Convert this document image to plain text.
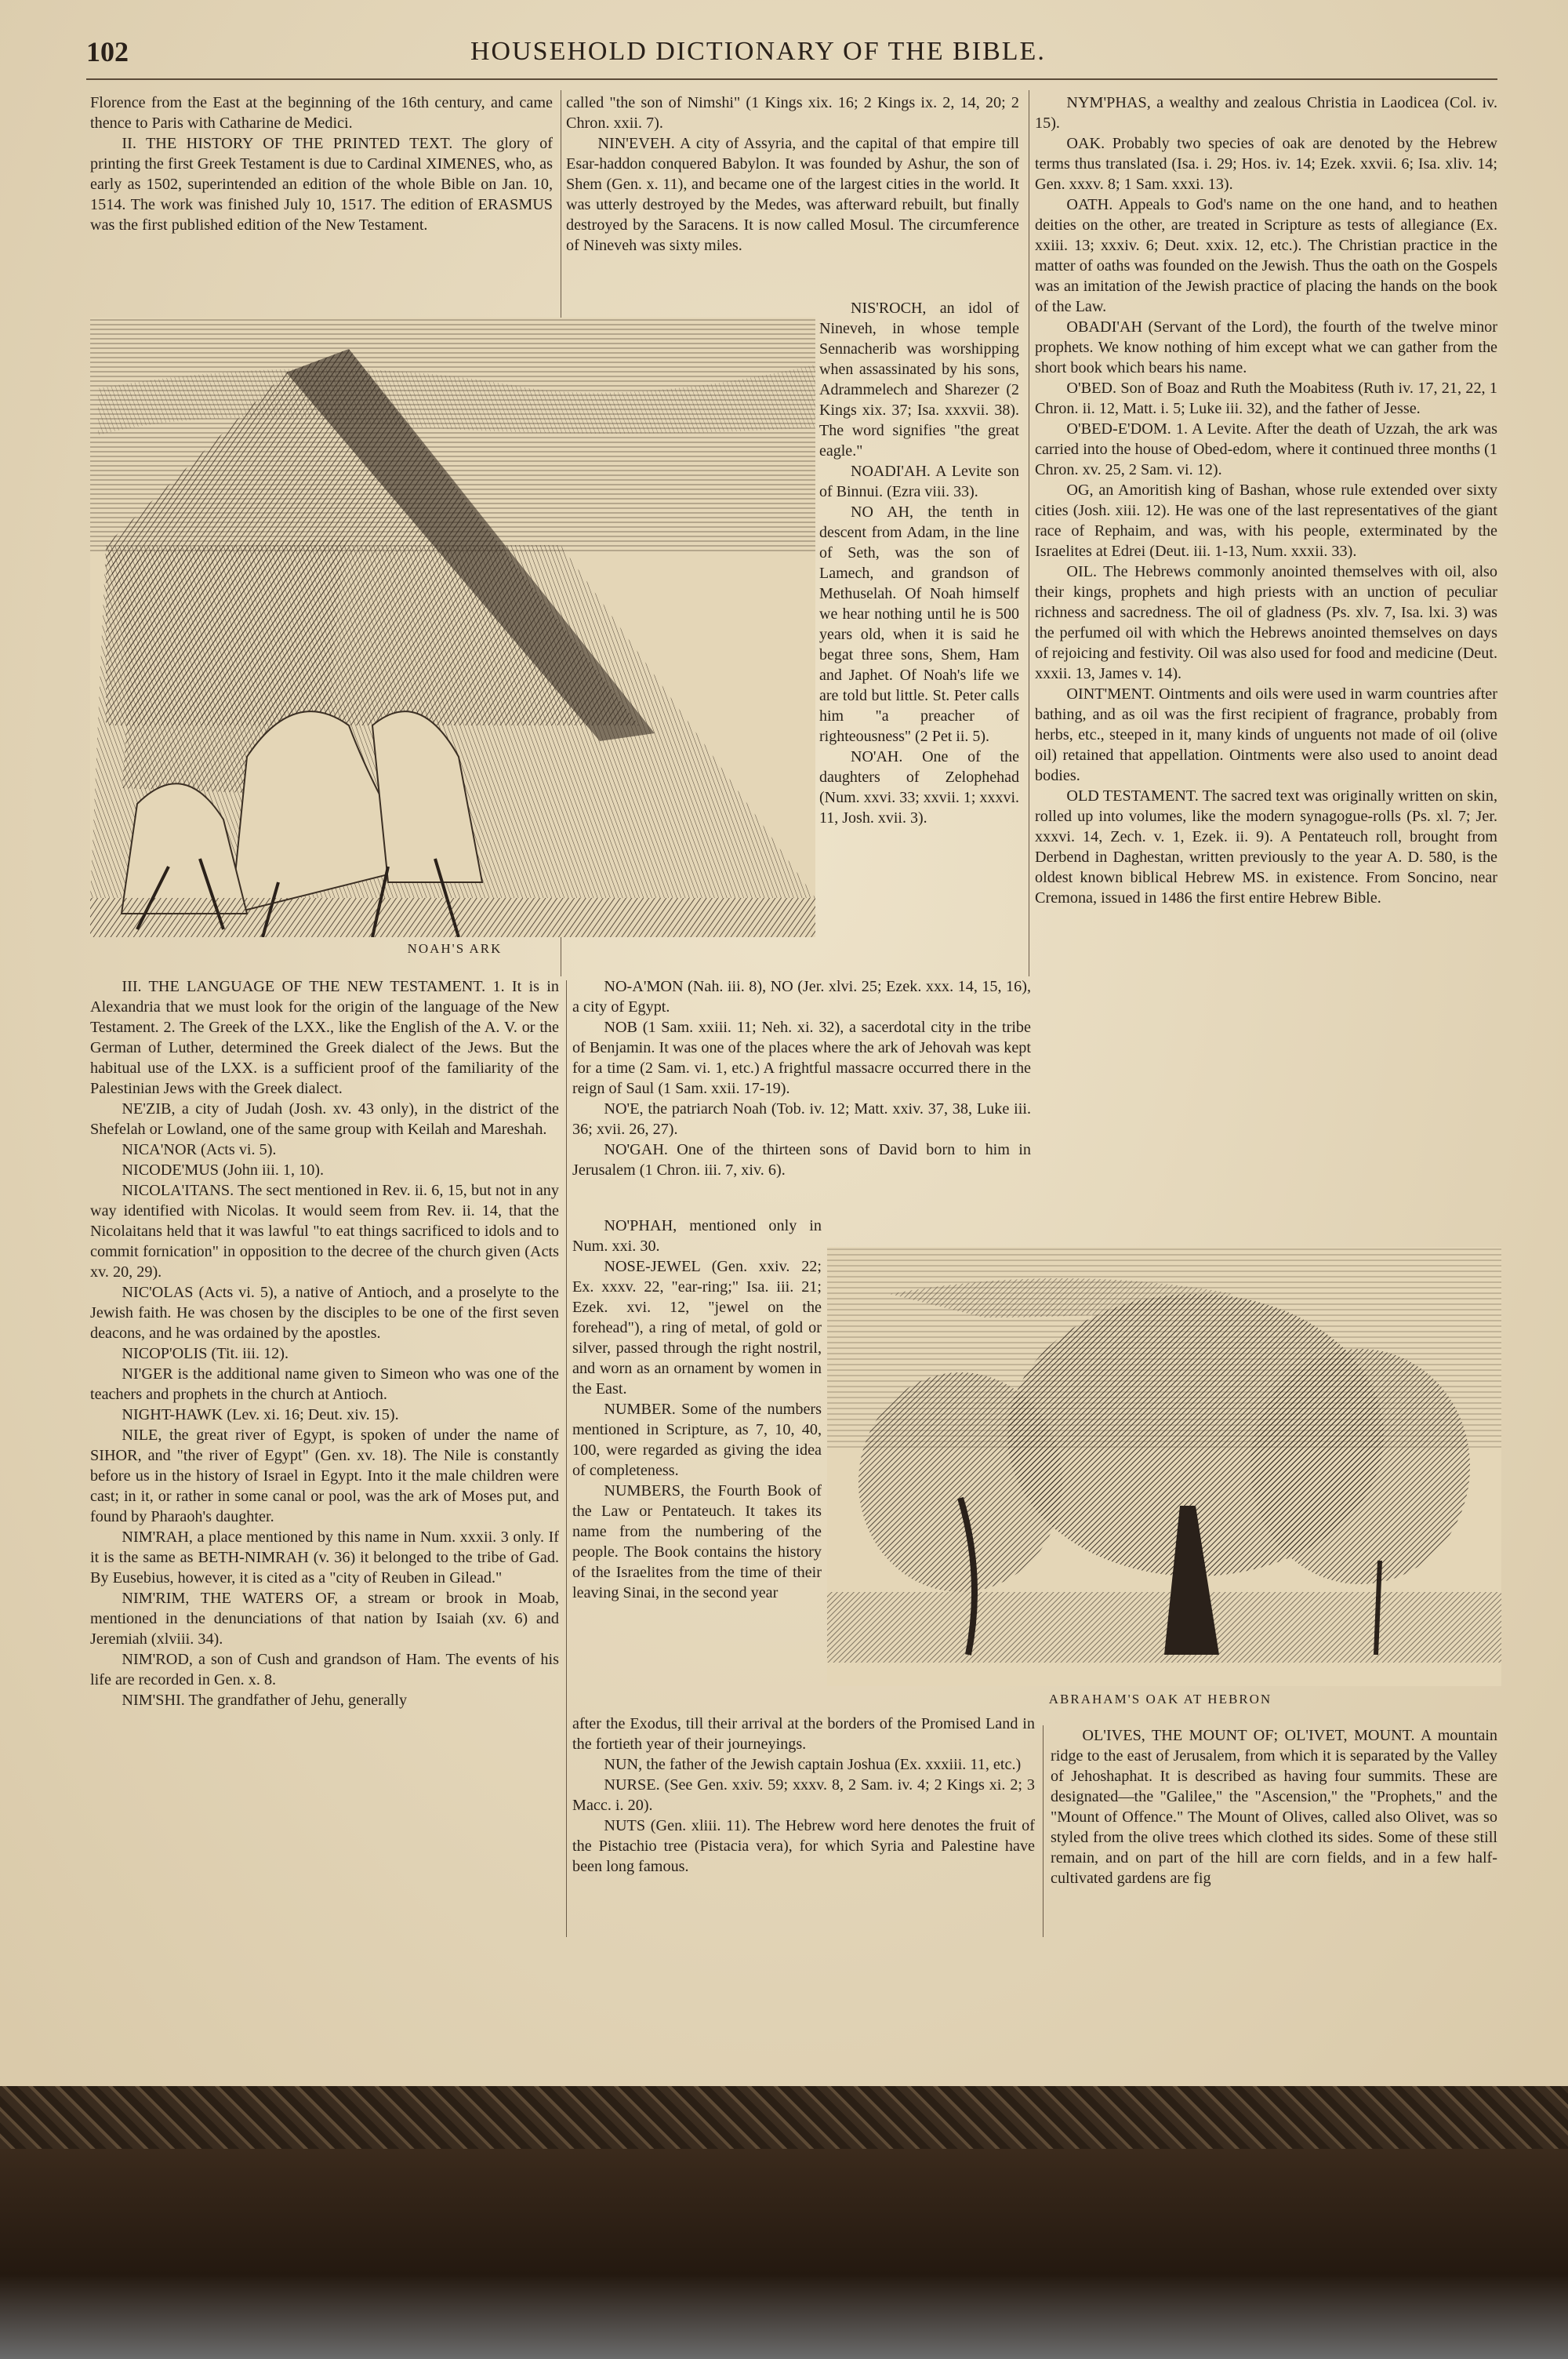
102	HOUSEHOLD DICTIONARY OF THE BIBLE.

Florence from the East at the beginning of the 16th century, and came thence to Paris with Catharine de Medici.

II. THE HISTORY OF THE PRINTED TEXT. The glory of printing the first Greek Testament is due to Cardinal XIMENES, who, as early as 1502, superintended an edition of the whole Bible on Jan. 10, 1514. The work was finished July 10, 1517. The edition of ERASMUS was the first published edition of the New Testament.

called "the son of Nimshi" (1 Kings xix. 16; 2 Kings ix. 2, 14, 20; 2 Chron. xxii. 7).

NIN'EVEH. A city of Assyria, and the capital of that empire till Esar-haddon conquered Babylon. It was founded by Ashur, the son of Shem (Gen. x. 11), and became one of the largest cities in the world. It was utterly destroyed by the Medes, was afterward rebuilt, but finally destroyed by the Saracens. It is now called Mosul. The circumference of Nineveh was sixty miles.

NIS'ROCH, an idol of Nineveh, in whose temple Sennacherib was worshipping when assassinated by his sons, Adrammelech and Sharezer (2 Kings xix. 37; Isa. xxxvii. 38). The word signifies "the great eagle."

NOADI'AH. A Levite son of Binnui. (Ezra viii. 33).

NO AH, the tenth in descent from Adam, in the line of Seth, was the son of Lamech, and grandson of Methuselah. Of Noah himself we hear nothing until he is 500 years old, when it is said he begat three sons, Shem, Ham and Japhet. Of Noah's life we are told but little. St. Peter calls him "a preacher of righteousness" (2 Pet ii. 5).

NO'AH. One of the daughters of Zelophehad (Num. xxvi. 33; xxvii. 1; xxxvi. 11, Josh. xvii. 3).

NOAH'S ARK

III. THE LANGUAGE OF THE NEW TESTAMENT. 1. It is in Alexandria that we must look for the origin of the language of the New Testament. 2. The Greek of the LXX., like the English of the A. V. or the German of Luther, determined the Greek dialect of the Jews. But the habitual use of the LXX. is a sufficient proof of the familiarity of the Palestinian Jews with the Greek dialect.

NE'ZIB, a city of Judah (Josh. xv. 43 only), in the district of the Shefelah or Lowland, one of the same group with Keilah and Mareshah.

NICA'NOR (Acts vi. 5).

NICODE'MUS (John iii. 1, 10).

NICOLA'ITANS. The sect mentioned in Rev. ii. 6, 15, but not in any way identified with Nicolas. It would seem from Rev. ii. 14, that the Nicolaitans held that it was lawful "to eat things sacrificed to idols and to commit fornication" in opposition to the decree of the church given (Acts xv. 20, 29).

NIC'OLAS (Acts vi. 5), a native of Antioch, and a proselyte to the Jewish faith. He was chosen by the disciples to be one of the first seven deacons, and he was ordained by the apostles.

NICOP'OLIS (Tit. iii. 12).

NI'GER is the additional name given to Simeon who was one of the teachers and prophets in the church at Antioch.

NIGHT-HAWK (Lev. xi. 16; Deut. xiv. 15).

NILE, the great river of Egypt, is spoken of under the name of SIHOR, and "the river of Egypt" (Gen. xv. 18). The Nile is constantly before us in the history of Israel in Egypt. Into it the male children were cast; in it, or rather in some canal or pool, was the ark of Moses put, and found by Pharaoh's daughter.

NIM'RAH, a place mentioned by this name in Num. xxxii. 3 only. If it is the same as BETH-NIMRAH (v. 36) it belonged to the tribe of Gad. By Eusebius, however, it is cited as a "city of Reuben in Gilead."

NIM'RIM, THE WATERS OF, a stream or brook in Moab, mentioned in the denunciations of that nation by Isaiah (xv. 6) and Jeremiah (xlviii. 34).

NIM'ROD, a son of Cush and grandson of Ham. The events of his life are recorded in Gen. x. 8.

NIM'SHI. The grandfather of Jehu, generally

NO-A'MON (Nah. iii. 8), NO (Jer. xlvi. 25; Ezek. xxx. 14, 15, 16), a city of Egypt.

NOB (1 Sam. xxiii. 11; Neh. xi. 32), a sacerdotal city in the tribe of Benjamin. It was one of the places where the ark of Jehovah was kept for a time (2 Sam. vi. 1, etc.) A frightful massacre occurred there in the reign of Saul (1 Sam. xxii. 17-19).

NO'E, the patriarch Noah (Tob. iv. 12; Matt. xxiv. 37, 38, Luke iii. 36; xvii. 26, 27).

NO'GAH. One of the thirteen sons of David born to him in Jerusalem (1 Chron. iii. 7, xiv. 6).

NO'PHAH, mentioned only in Num. xxi. 30.

NOSE-JEWEL (Gen. xxiv. 22; Ex. xxxv. 22, "ear-ring;" Isa. iii. 21; Ezek. xvi. 12, "jewel on the forehead"), a ring of metal, of gold or silver, passed through the right nostril, and worn as an ornament by women in the East.

NUMBER. Some of the numbers mentioned in Scripture, as 7, 10, 40, 100, were regarded as giving the idea of completeness.

NUMBERS, the Fourth Book of the Law or Pentateuch. It takes its name from the numbering of the people. The Book contains the history of the Israelites from the time of their leaving Sinai, in the second year

after the Exodus, till their arrival at the borders of the Promised Land in the fortieth year of their journeyings.

NUN, the father of the Jewish captain Joshua (Ex. xxxiii. 11, etc.)

NURSE. (See Gen. xxiv. 59; xxxv. 8, 2 Sam. iv. 4; 2 Kings xi. 2; 3 Macc. i. 20).

NUTS (Gen. xliii. 11). The Hebrew word here denotes the fruit of the Pistachio tree (Pistacia vera), for which Syria and Palestine have been long famous.

NYM'PHAS, a wealthy and zealous Christia in Laodicea (Col. iv. 15).

OAK. Probably two species of oak are denoted by the Hebrew terms thus translated (Isa. i. 29; Hos. iv. 14; Ezek. xxvii. 6; Isa. xliv. 14; Gen. xxxv. 8; 1 Sam. xxxi. 13).

OATH. Appeals to God's name on the one hand, and to heathen deities on the other, are treated in Scripture as tests of allegiance (Ex. xxiii. 13; xxxiv. 6; Deut. xxix. 12, etc.). The Christian practice in the matter of oaths was founded on the Jewish. Thus the oath on the Gospels was an imitation of the Jewish practice of placing the hands on the book of the Law.

OBADI'AH (Servant of the Lord), the fourth of the twelve minor prophets. We know nothing of him except what we can gather from the short book which bears his name.

O'BED. Son of Boaz and Ruth the Moabitess (Ruth iv. 17, 21, 22, 1 Chron. ii. 12, Matt. i. 5; Luke iii. 32), and the father of Jesse.

O'BED-E'DOM. 1. A Levite. After the death of Uzzah, the ark was carried into the house of Obed-edom, where it continued three months (1 Chron. xv. 25, 2 Sam. vi. 12).

OG, an Amoritish king of Bashan, whose rule extended over sixty cities (Josh. xiii. 12). He was one of the last representatives of the giant race of Rephaim, and was, with his people, exterminated by the Israelites at Edrei (Deut. iii. 1-13, Num. xxxii. 33).

OIL. The Hebrews commonly anointed themselves with oil, also their kings, prophets and high priests with an unction of peculiar richness and sacredness. The oil of gladness (Ps. xlv. 7, Isa. lxi. 3) was the perfumed oil with which the Hebrews anointed themselves on days of rejoicing and festivity. Oil was also used for food and medicine (Deut. xxxii. 13, James v. 14).

OINT'MENT. Ointments and oils were used in warm countries after bathing, and as oil was the first recipient of fragrance, probably from herbs, etc., steeped in it, many kinds of unguents not made of oil (olive oil) retained that appellation. Ointments were also used to anoint dead bodies.

OLD TESTAMENT. The sacred text was originally written on skin, rolled up into volumes, like the modern synagogue-rolls (Ps. xl. 7; Jer. xxxvi. 14, Zech. v. 1, Ezek. ii. 9). A Pentateuch roll, brought from Derbend in Daghestan, written previously to the year A. D. 580, is the oldest known biblical Hebrew MS. in existence. From Soncino, near Cremona, issued in 1486 the first entire Hebrew Bible.

ABRAHAM'S OAK AT HEBRON

OL'IVES, THE MOUNT OF; OL'IVET, MOUNT. A mountain ridge to the east of Jerusalem, from which it is separated by the Valley of Jehoshaphat. It is described as having four summits. These are designated—the "Galilee," the "Ascension," the "Prophets," and the "Mount of Offence." The Mount of Olives, called also Olivet, was so styled from the olive trees which clothed its sides. Some of these still remain, and on part of the hill are corn fields, and in a few half-cultivated gardens are fig
